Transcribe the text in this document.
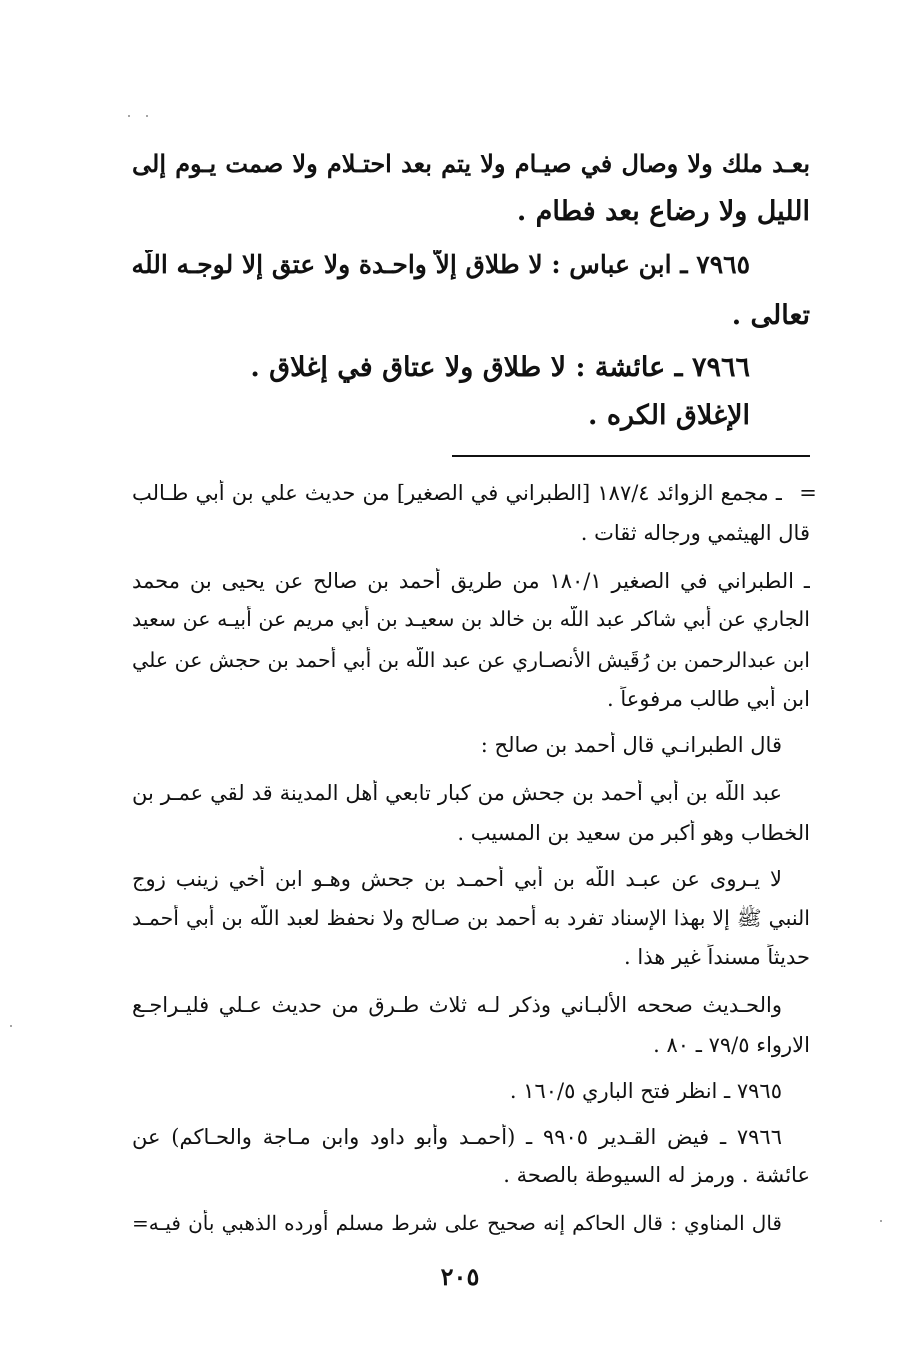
بعـد ملك ولا وصال في صيـام ولا يتم بعد احتـلام ولا صمت يـوم إلى

الليل ولا رضاع بعد فطام .

٧٩٦٥ ـ ابن عباس : لا طلاق إلاّ واحـدة ولا عتق إلا لوجـه اللّه

تعالى .

٧٩٦٦ ـ عائشة : لا طلاق ولا عتاق في إغلاق .

الإغلاق الكره .

=

ـ مجمع الزوائد ١٨٧/٤ [الطبراني في الصغير] من حديث علي بن أبي طـالب

قال الهيثمي ورجاله ثقات .

ـ الطبراني في الصغير ١٨٠/١ من طريق أحمد بن صالح عن يحيى بن محمد

الجاري عن أبي شاكر عبد اللّه بن خالد بن سعيـد بن أبي مريم عن أبيـه عن سعيد

ابن عبدالرحمن بن رُقَيش الأنصـاري عن عبد اللّه بن أبي أحمد بن حجش عن علي

ابن أبي طالب مرفوعاً .

قال الطبرانـي قال أحمد بن صالح :

عبد اللّه بن أبي أحمد بن جحش من كبار تابعي أهل المدينة قد لقي عمـر بن

الخطاب وهو أكبر من سعيد بن المسيب .

لا يـروى عن عبـد اللّه بن أبي أحمـد بن جحش وهـو ابن أخي زينب زوج

النبي ﷺ إلا بهذا الإسناد تفرد به أحمد بن صـالح ولا نحفظ لعبد اللّه بن أبي أحمـد

حديثاً مسنداً غير هذا .

والحـديث صححه الألبـاني وذكر لـه ثلاث طـرق من حديث عـلي فليـراجـع

الارواء ٧٩/٥ ـ ٨٠ .

٧٩٦٥ ـ انظر فتح الباري ١٦٠/٥ .

٧٩٦٦ ـ فيض القـدير ٩٩٠٥ ـ (أحمـد وأبو داود وابن مـاجة والحـاكم) عن

عائشة . ورمز له السيوطة بالصحة .

قال المناوي : قال الحاكم إنه صحيح على شرط مسلم أورده الذهبي بأن فيـه=

٢٠٥
